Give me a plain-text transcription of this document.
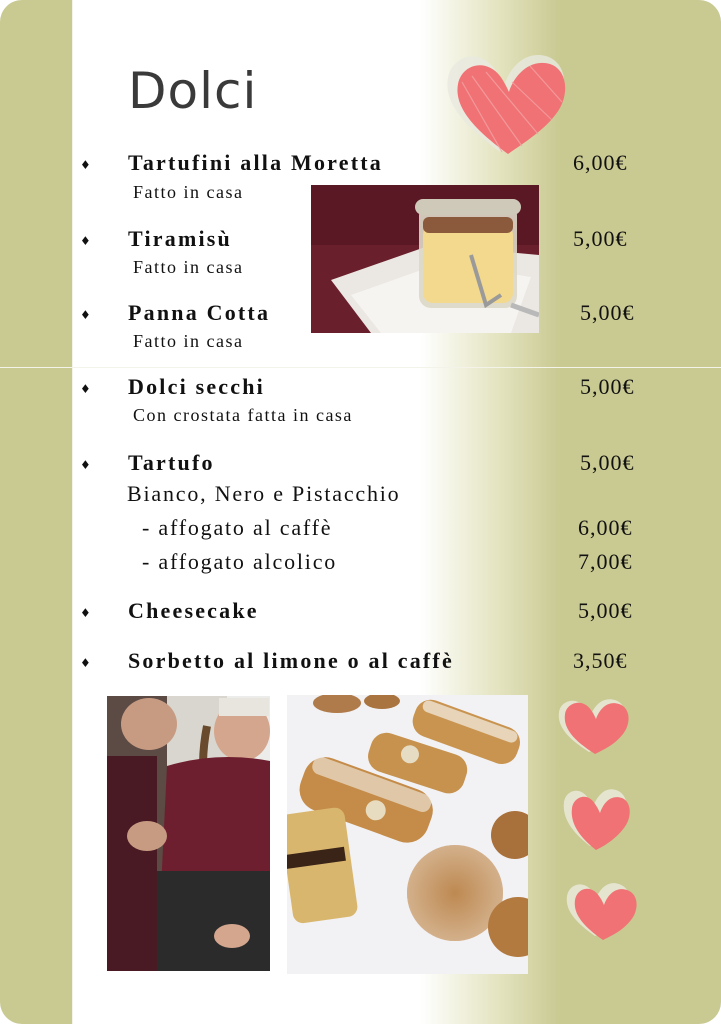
Dolci
♦ Tartufini alla Moretta	6,00€
Fatto in casa
♦ Tiramisù	5,00€
Fatto in casa
♦ Panna Cotta	5,00€
Fatto in casa
♦ Dolci secchi	5,00€
Con crostata fatta in casa
♦ Tartufo	5,00€
Bianco, Nero e Pistacchio
- affogato al caffè	6,00€
- affogato alcolico	7,00€
♦ Cheesecake	5,00€
♦ Sorbetto al limone o al caffè	3,50€
